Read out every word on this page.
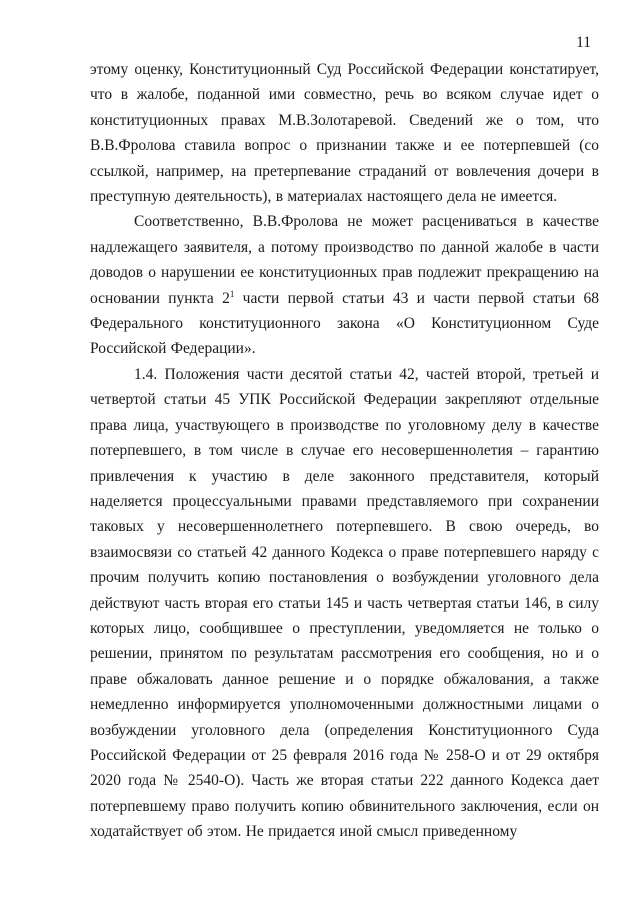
11

этому оценку, Конституционный Суд Российской Федерации констатирует, что в жалобе, поданной ими совместно, речь во всяком случае идет о конституционных правах М.В.Золотаревой. Сведений же о том, что В.В.Фролова ставила вопрос о признании также и ее потерпевшей (со ссылкой, например, на претерпевание страданий от вовлечения дочери в преступную деятельность), в материалах настоящего дела не имеется.

Соответственно, В.В.Фролова не может расцениваться в качестве надлежащего заявителя, а потому производство по данной жалобе в части доводов о нарушении ее конституционных прав подлежит прекращению на основании пункта $2^1$ части первой статьи 43 и части первой статьи 68 Федерального конституционного закона «О Конституционном Суде Российской Федерации».

1.4. Положения части десятой статьи 42, частей второй, третьей и четвертой статьи 45 УПК Российской Федерации закрепляют отдельные права лица, участвующего в производстве по уголовному делу в качестве потерпевшего, в том числе в случае его несовершеннолетия – гарантию привлечения к участию в деле законного представителя, который наделяется процессуальными правами представляемого при сохранении таковых у несовершеннолетнего потерпевшего. В свою очередь, во взаимосвязи со статьей 42 данного Кодекса о праве потерпевшего наряду с прочим получить копию постановления о возбуждении уголовного дела действуют часть вторая его статьи 145 и часть четвертая статьи 146, в силу которых лицо, сообщившее о преступлении, уведомляется не только о решении, принятом по результатам рассмотрения его сообщения, но и о праве обжаловать данное решение и о порядке обжалования, а также немедленно информируется уполномоченными должностными лицами о возбуждении уголовного дела (определения Конституционного Суда Российской Федерации от 25 февраля 2016 года № 258-О и от 29 октября 2020 года № 2540-О). Часть же вторая статьи 222 данного Кодекса дает потерпевшему право получить копию обвинительного заключения, если он ходатайствует об этом. Не придается иной смысл приведенному
